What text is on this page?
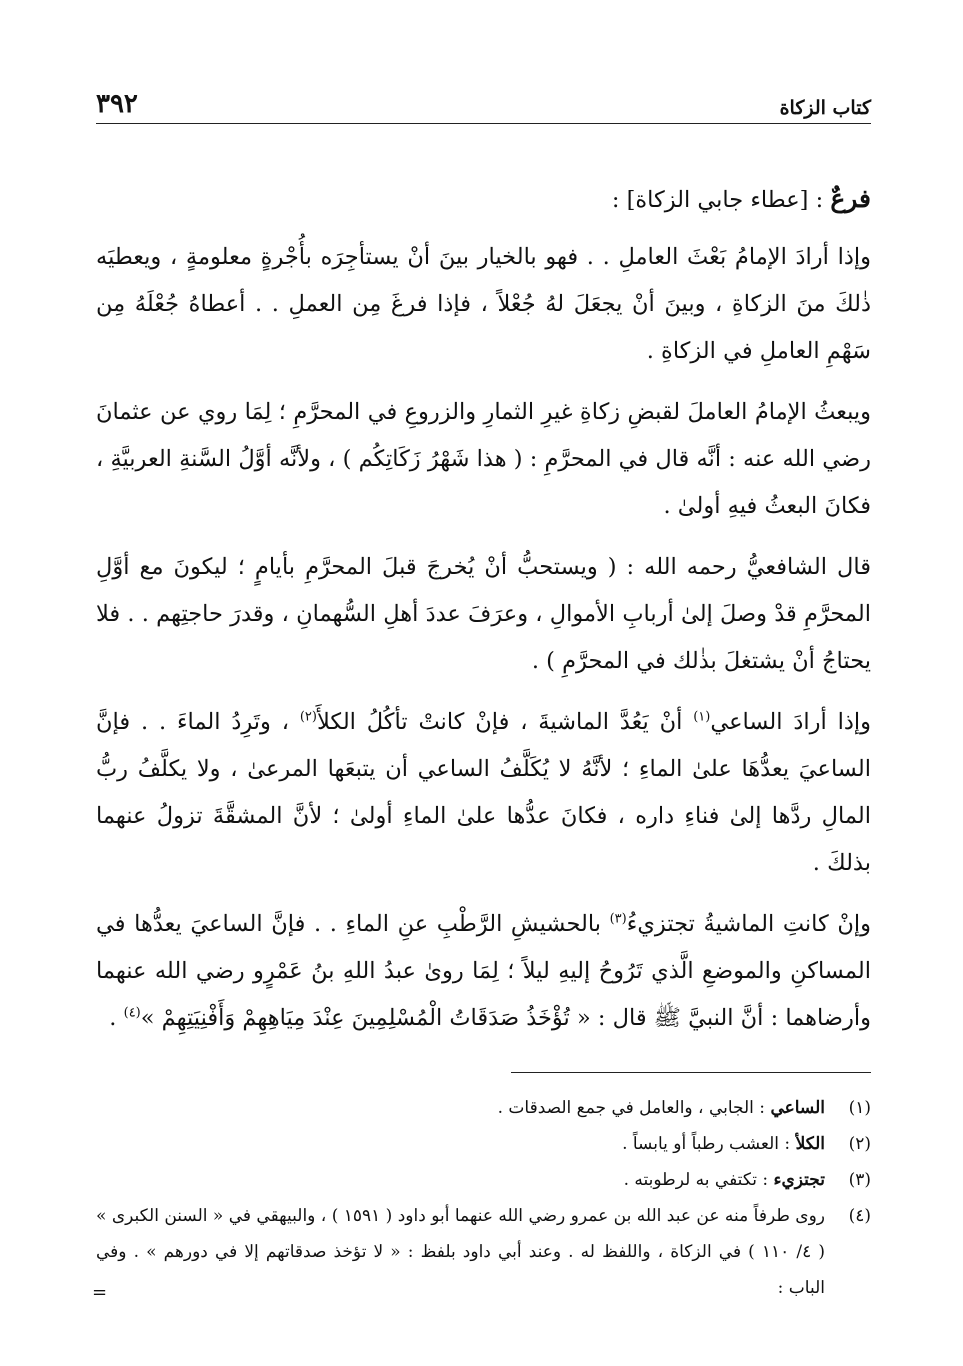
كتاب الزكاة
٣٩٢

فرعٌ : [عطاء جابي الزكاة] :

وإذا أرادَ الإمامُ بَعْثَ العاملِ . . فهو بالخيار بينَ أنْ يستأجِرَه بأُجْرةٍ معلومةٍ ، ويعطيَه ذٰلكَ منَ الزكاةِ ، وبينَ أنْ يجعَلَ لهُ جُعْلاً ، فإذا فرغَ مِن العملِ . . أعطاهُ جُعْلَهُ مِن سَهْمِ العاملِ في الزكاةِ .

ويبعثُ الإمامُ العاملَ لقبضِ زكاةِ غيرِ الثمارِ والزروعِ في المحرَّمِ ؛ لِمَا روي عن عثمانَ رضي الله عنه : أنَّه قال في المحرَّمِ : ( هذا شَهْرُ زَكَاتِكُم ) ، ولأنَّه أوَّلُ السَّنةِ العربيَّةِ ، فكانَ البعثُ فيهِ أولىٰ .

قال الشافعيُّ رحمه الله : ( ويستحبُّ أنْ يُخرجَ قبلَ المحرَّمِ بأيامٍ ؛ ليكونَ مع أوَّلِ المحرَّمِ قدْ وصلَ إلىٰ أربابِ الأموالِ ، وعرَفَ عددَ أهلِ السُّهمانِ ، وقدرَ حاجتِهم . . فلا يحتاجُ أنْ يشتغلَ بذٰلك في المحرَّمِ ) .

وإذا أرادَ الساعي$^{(١)}$ أنْ يَعُدَّ الماشيةَ ، فإنْ كانتْ تأكُلُ الكلأَ$^{(٢)}$ ، وتَرِدُ الماءَ . . فإنَّ الساعيَ يعدُّهَا علىٰ الماءِ ؛ لأنَّهُ لا يُكَلَّفُ الساعي أن يتبعَها المرعىٰ ، ولا يكلَّفُ ربُّ المالِ ردَّها إلىٰ فناءِ داره ، فكانَ عدُّها علىٰ الماءِ أولىٰ ؛ لأنَّ المشقَّةَ تزولُ عنهما بذلكَ .

وإنْ كانتِ الماشيةُ تجتزيءُ$^{(٣)}$ بالحشيشِ الرَّطْبِ عنِ الماءِ . . فإنَّ الساعيَ يعدُّها في المساكنِ والموضعِ الَّذي تَرُوحُ إليهِ ليلاً ؛ لِمَا روىٰ عبدُ اللهِ بنُ عَمْرٍو رضي الله عنهما وأرضاهما : أنَّ النبيَّ ﷺ قال : « تُؤْخَذُ صَدَقَاتُ الْمُسْلِمِينَ عِنْدَ مِيَاهِهِمْ وَأَفْنِيَتِهِمْ »$^{(٤)}$ .

(١)
الساعي : الجابي ، والعامل في جمع الصدقات .
(٢)
الكلأ : العشب رطباً أو يابساً .
(٣)
تجتزيء : تكتفي به لرطوبته .
(٤)
روى طرفاً منه عن عبد الله بن عمرو رضي الله عنهما أبو داود ( ١٥٩١ ) ، والبيهقي في « السنن الكبرى » ( ٤/ ١١٠ ) في الزكاة ، واللفظ له . وعند أبي داود بلفظ : « لا تؤخذ صدقاتهم إلا في دورهم » . وفي الباب :
=
